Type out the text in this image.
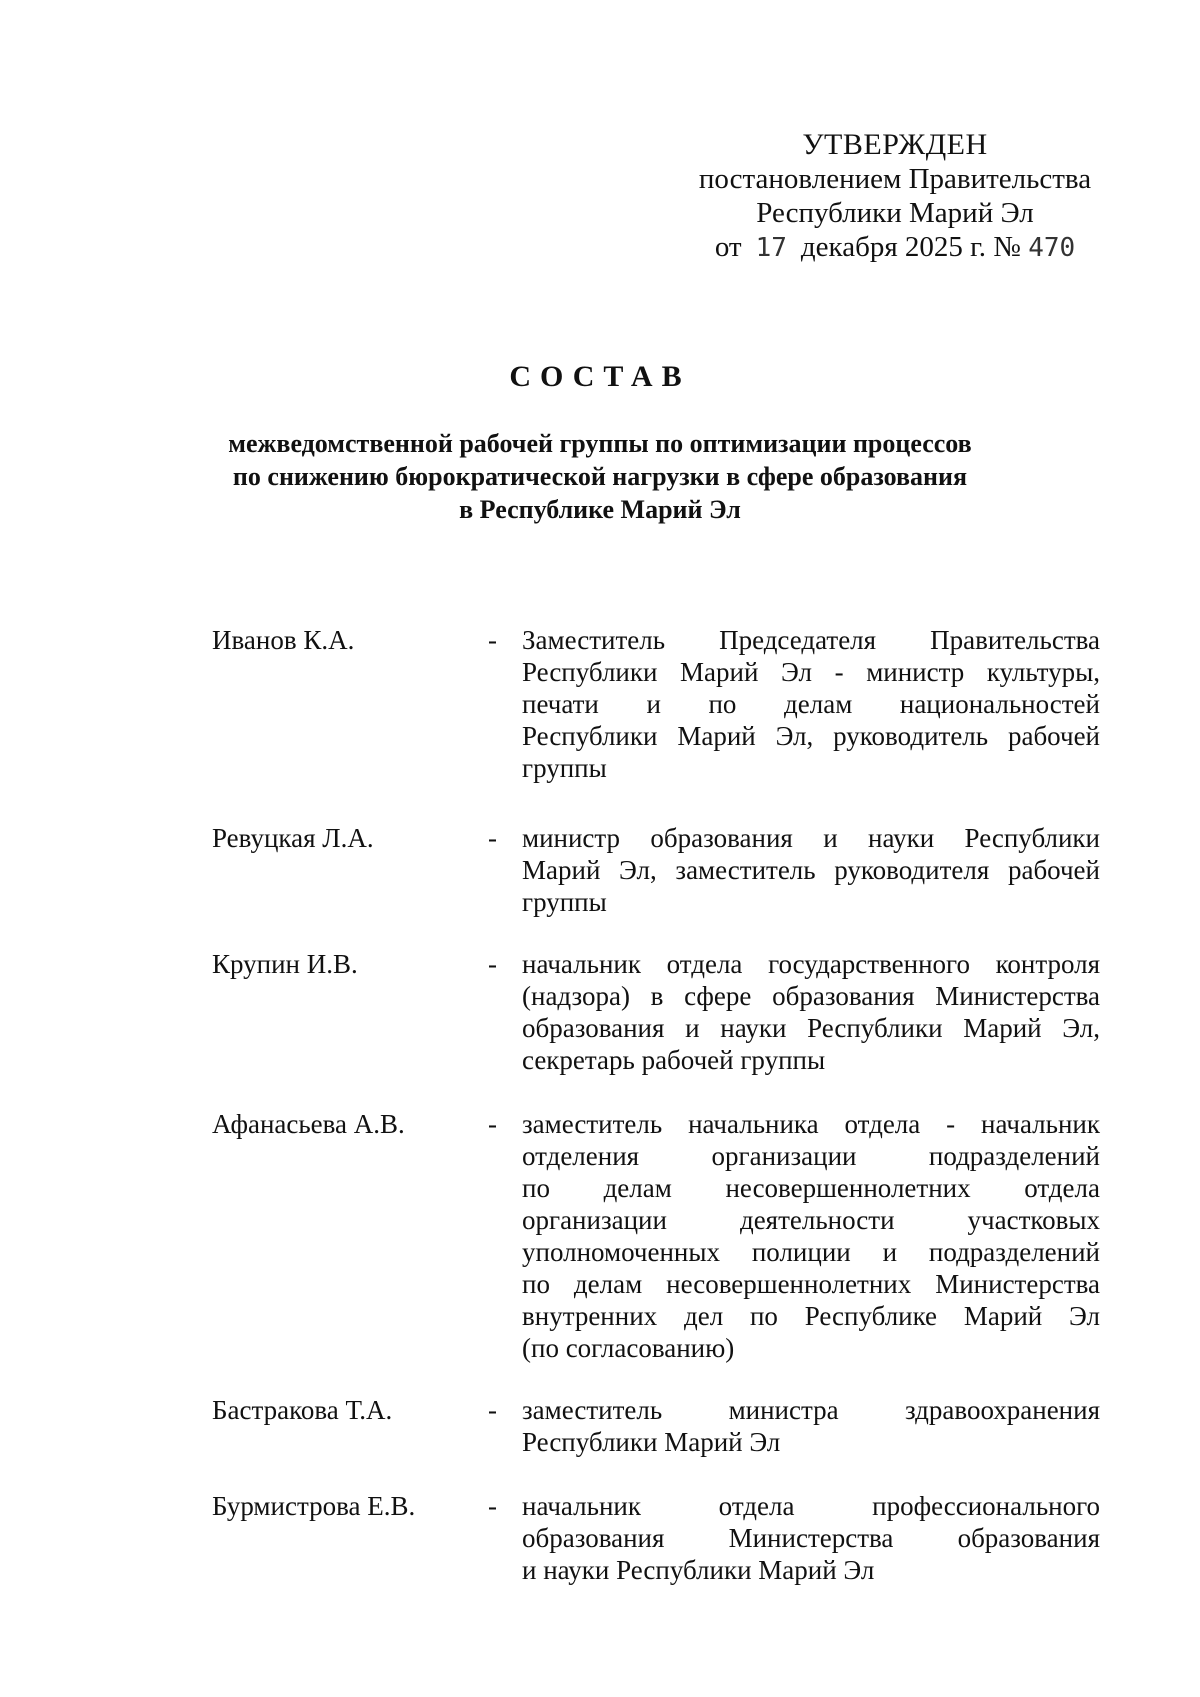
УТВЕРЖДЕН
постановлением Правительства
Республики Марий Эл
от 17 декабря 2025 г. № 470
СОСТАВ
межведомственной рабочей группы по оптимизации процессов
по снижению бюрократической нагрузки в сфере образования
в Республике Марий Эл
Иванов К.А.	- Заместитель Председателя Правительства
Республики Марий Эл - министр культуры,
печати и по делам национальностей
Республики Марий Эл, руководитель рабочей
группы
Ревуцкая Л.А.	- министр образования и науки Республики
Марий Эл, заместитель руководителя рабочей
группы
Крупин И.В.	- начальник отдела государственного контроля
(надзора) в сфере образования Министерства
образования и науки Республики Марий Эл,
секретарь рабочей группы
Афанасьева А.В.	- заместитель начальника отдела - начальник
отделения организации подразделений
по делам несовершеннолетних отдела
организации деятельности участковых
уполномоченных полиции и подразделений
по делам несовершеннолетних Министерства
внутренних дел по Республике Марий Эл
(по согласованию)
Бастракова Т.А.	- заместитель министра здравоохранения
Республики Марий Эл
Бурмистрова Е.В.	- начальник отдела профессионального
образования Министерства образования
и науки Республики Марий Эл
